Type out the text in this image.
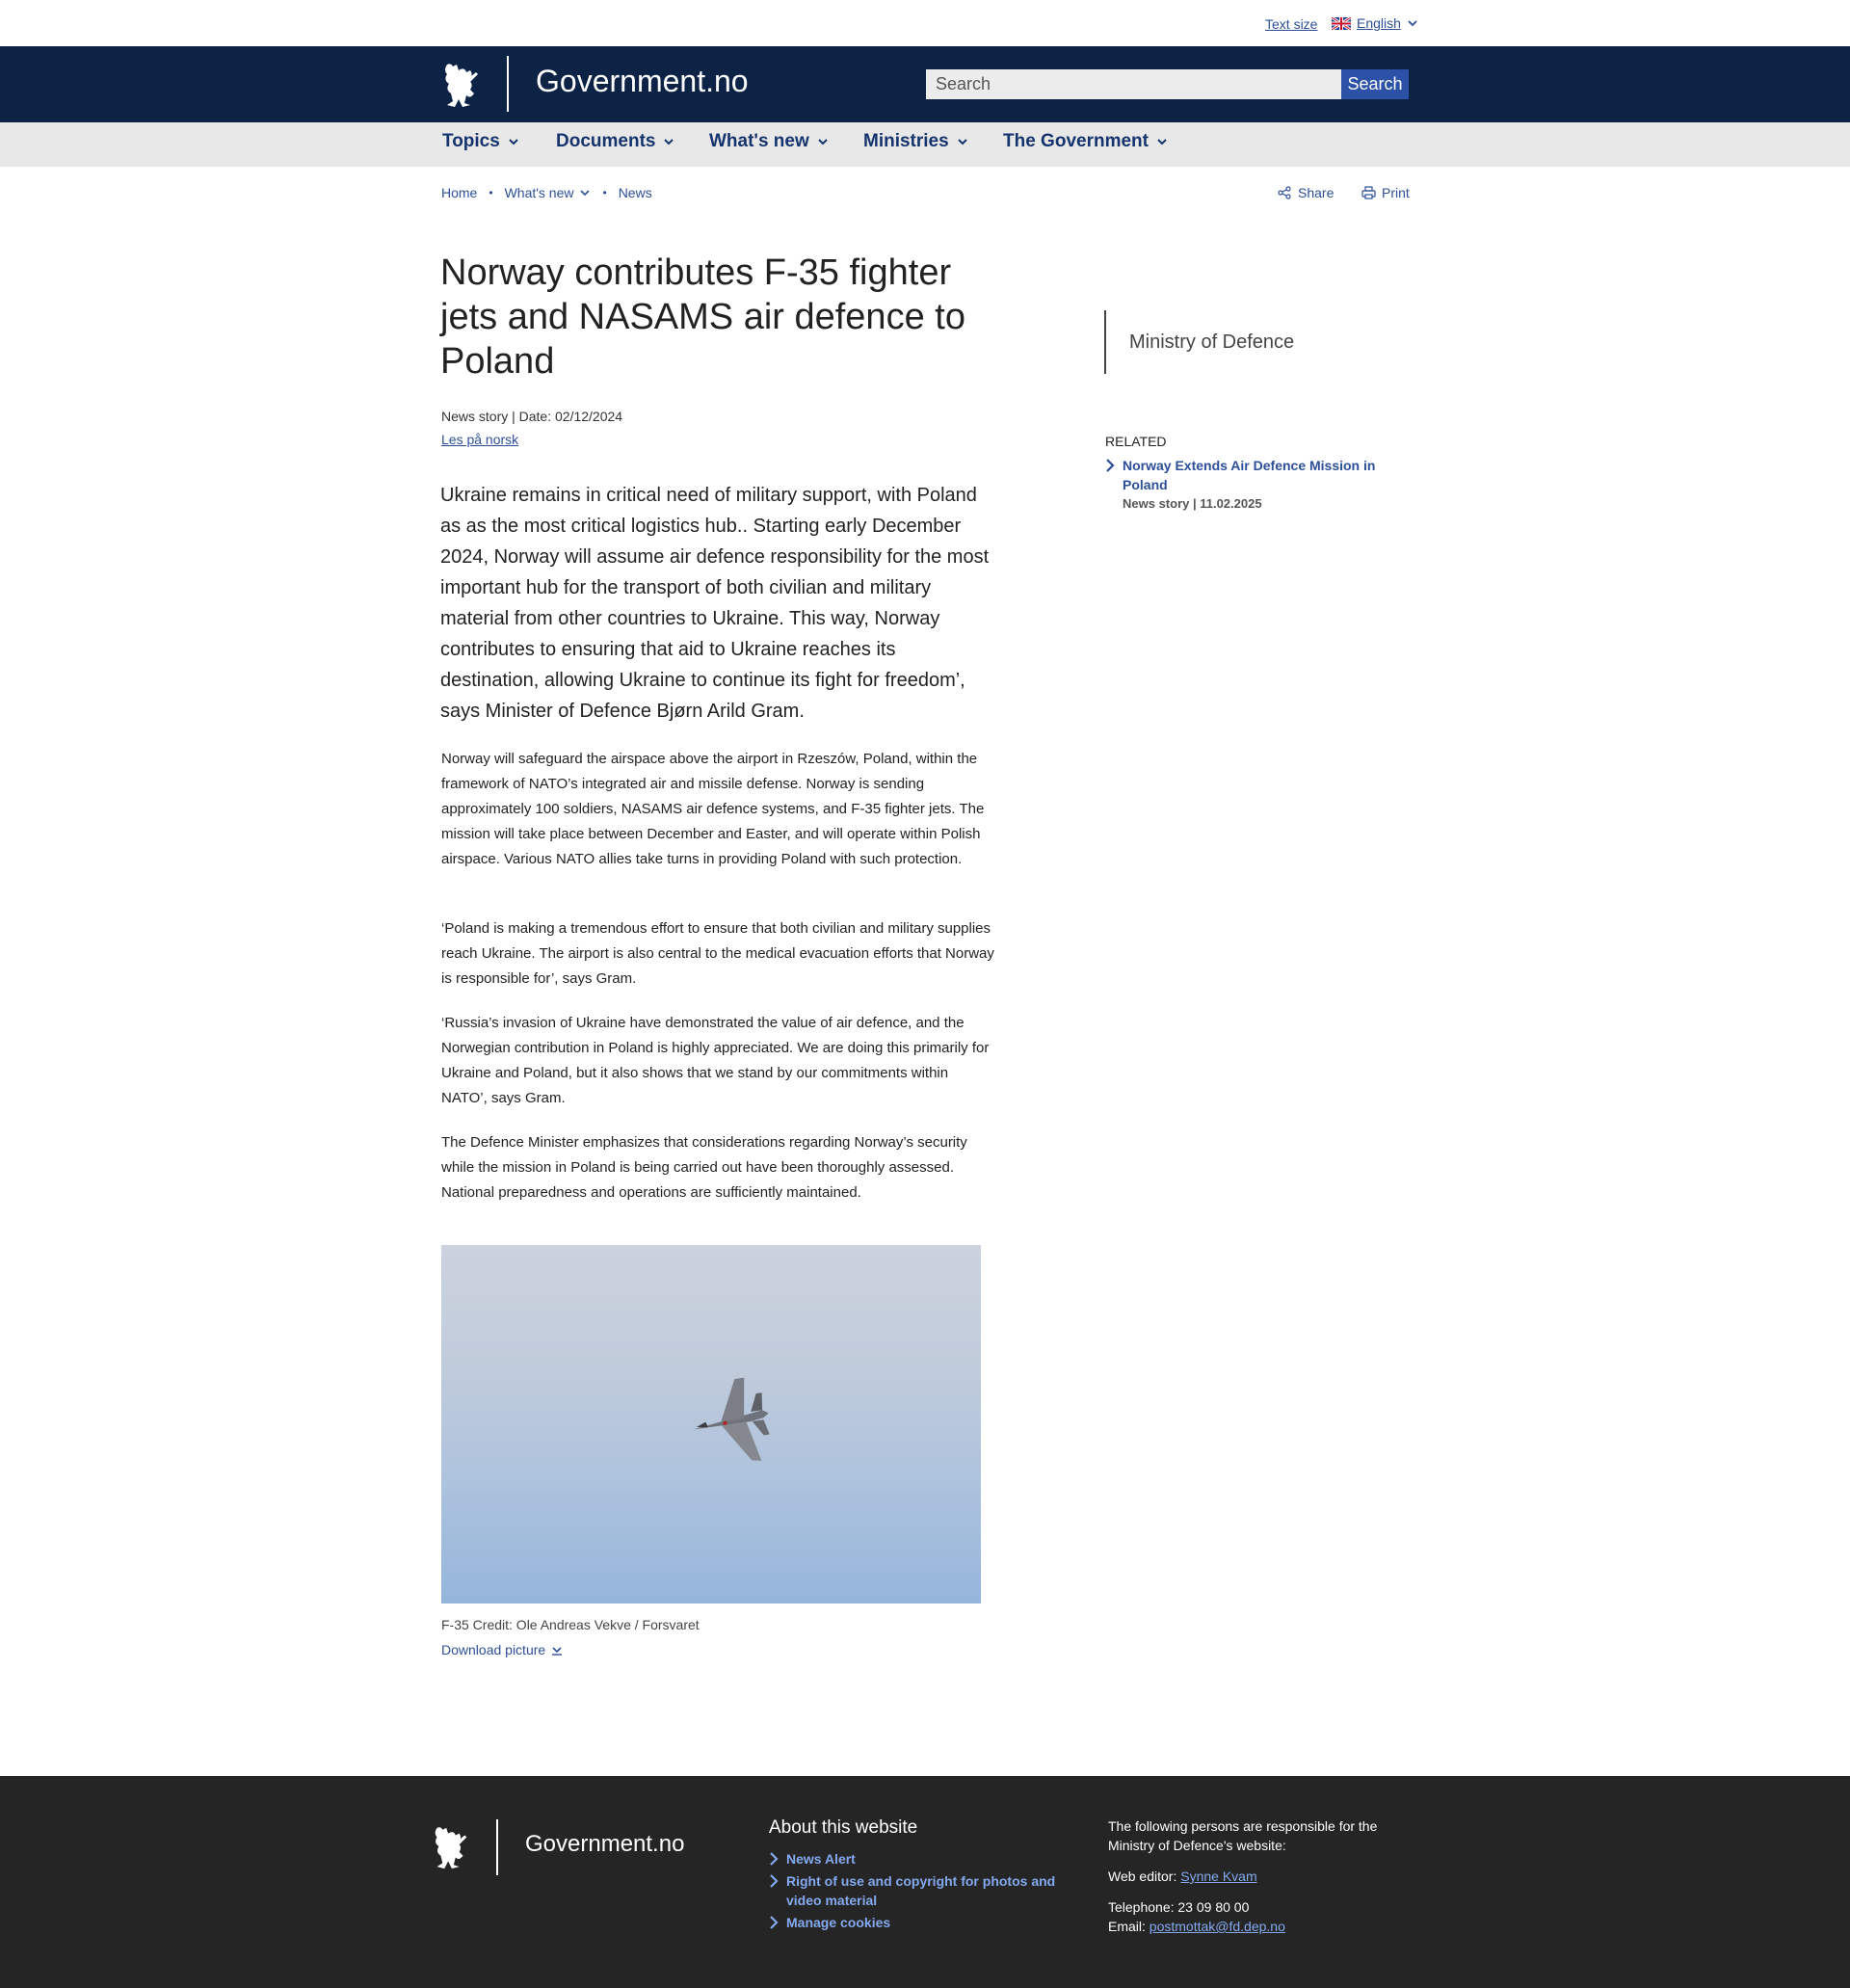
Text size	English
Government.no
Search	Search
Topics	Documents	What's new	Ministries	The Government
Home • What's new	• News	Share	Print
Norway contributes F-35 fighter jets and NASAMS air defence to Poland
News story | Date: 02/12/2024
Les på norsk

Ukraine remains in critical need of military support, with Poland as as the most critical logistics hub.. Starting early December 2024, Norway will assume air defence responsibility for the most important hub for the transport of both civilian and military material from other countries to Ukraine. This way, Norway contributes to ensuring that aid to Ukraine reaches its destination, allowing Ukraine to continue its fight for freedom’, says Minister of Defence Bjørn Arild Gram.

Norway will safeguard the airspace above the airport in Rzeszów, Poland, within the framework of NATO’s integrated air and missile defense. Norway is sending approximately 100 soldiers, NASAMS air defence systems, and F-35 fighter jets. The mission will take place between December and Easter, and will operate within Polish airspace. Various NATO allies take turns in providing Poland with such protection.

‘Poland is making a tremendous effort to ensure that both civilian and military supplies reach Ukraine. The airport is also central to the medical evacuation efforts that Norway is responsible for’, says Gram.

‘Russia’s invasion of Ukraine have demonstrated the value of air defence, and the Norwegian contribution in Poland is highly appreciated. We are doing this primarily for Ukraine and Poland, but it also shows that we stand by our commitments within NATO’, says Gram.

The Defence Minister emphasizes that considerations regarding Norway’s security while the mission in Poland is being carried out have been thoroughly assessed. National preparedness and operations are sufficiently maintained.

F-35 Credit: Ole Andreas Vekve / Forsvaret
Download picture
Ministry of Defence
RELATED
Norway Extends Air Defence Mission in Poland
News story | 11.02.2025
Government.no
About this website
News Alert
Right of use and copyright for photos and video material
Manage cookies
The following persons are responsible for the Ministry of Defence's website:
Web editor: Synne Kvam
Telephone: 23 09 80 00
Email: postmottak@fd.dep.no
